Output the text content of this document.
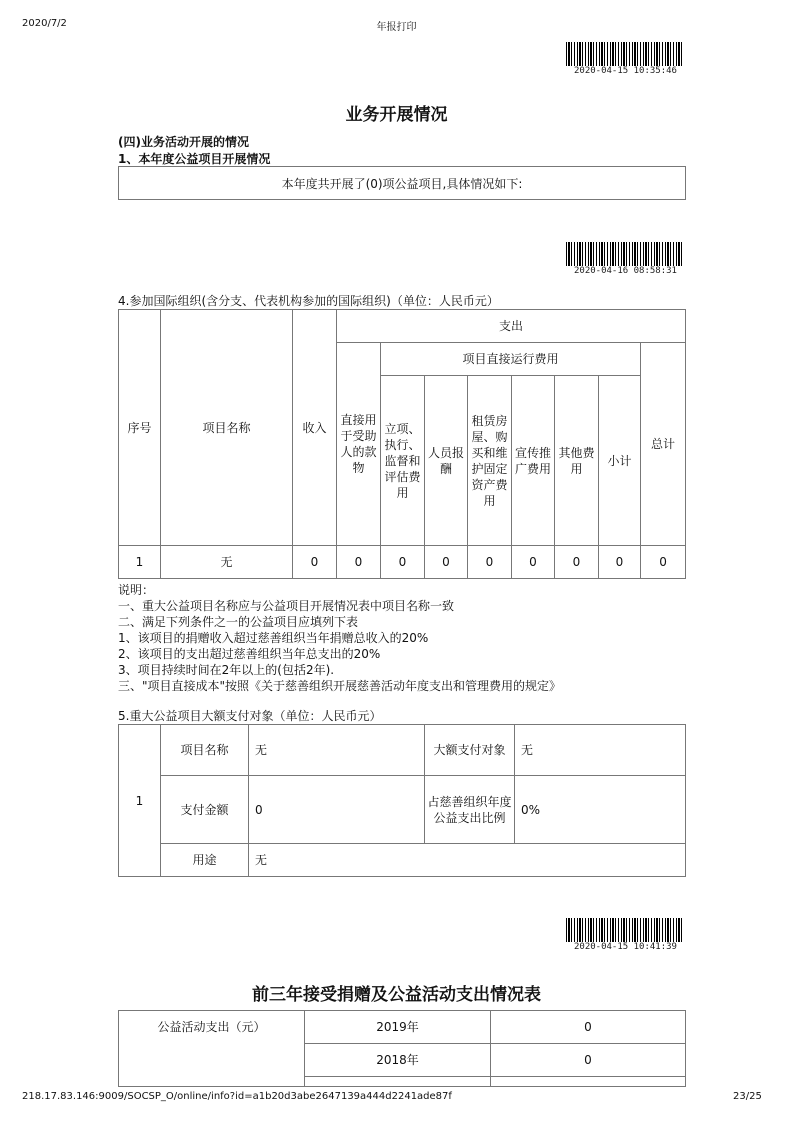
2020/7/2	年报打印
2020-04-15 10:35:46
业务开展情况
(四)业务活动开展的情况
1、本年度公益项目开展情况
本年度共开展了(0)项公益项目,具体情况如下:
2020-04-16 08:58:31
4.参加国际组织(含分支、代表机构参加的国际组织)（单位：人民币元）
序号	项目名称	收入	支出							
			直接用于受助人的款物	项目直接运行费用						总计
				立项、执行、监督和评估费用	人员报酬	租赁房屋、购买和维护固定资产费用	宣传推广费用	其他费用	小计	
1	无	0	0	0	0	0	0	0	0	0
说明：
一、重大公益项目名称应与公益项目开展情况表中项目名称一致
二、满足下列条件之一的公益项目应填列下表
1、该项目的捐赠收入超过慈善组织当年捐赠总收入的20%
2、该项目的支出超过慈善组织当年总支出的20%
3、项目持续时间在2年以上的(包括2年).
三、"项目直接成本"按照《关于慈善组织开展慈善活动年度支出和管理费用的规定》
5.重大公益项目大额支付对象（单位：人民币元）
1	项目名称	无	大额支付对象	无
	支付金额	0	占慈善组织年度公益支出比例	0%
	用途	无		
2020-04-15 10:41:39
前三年接受捐赠及公益活动支出情况表
公益活动支出（元）	2019年	0
	2018年	0

218.17.83.146:9009/SOCSP_O/online/info?id=a1b20d3abe2647139a444d2241ade87f	23/25
